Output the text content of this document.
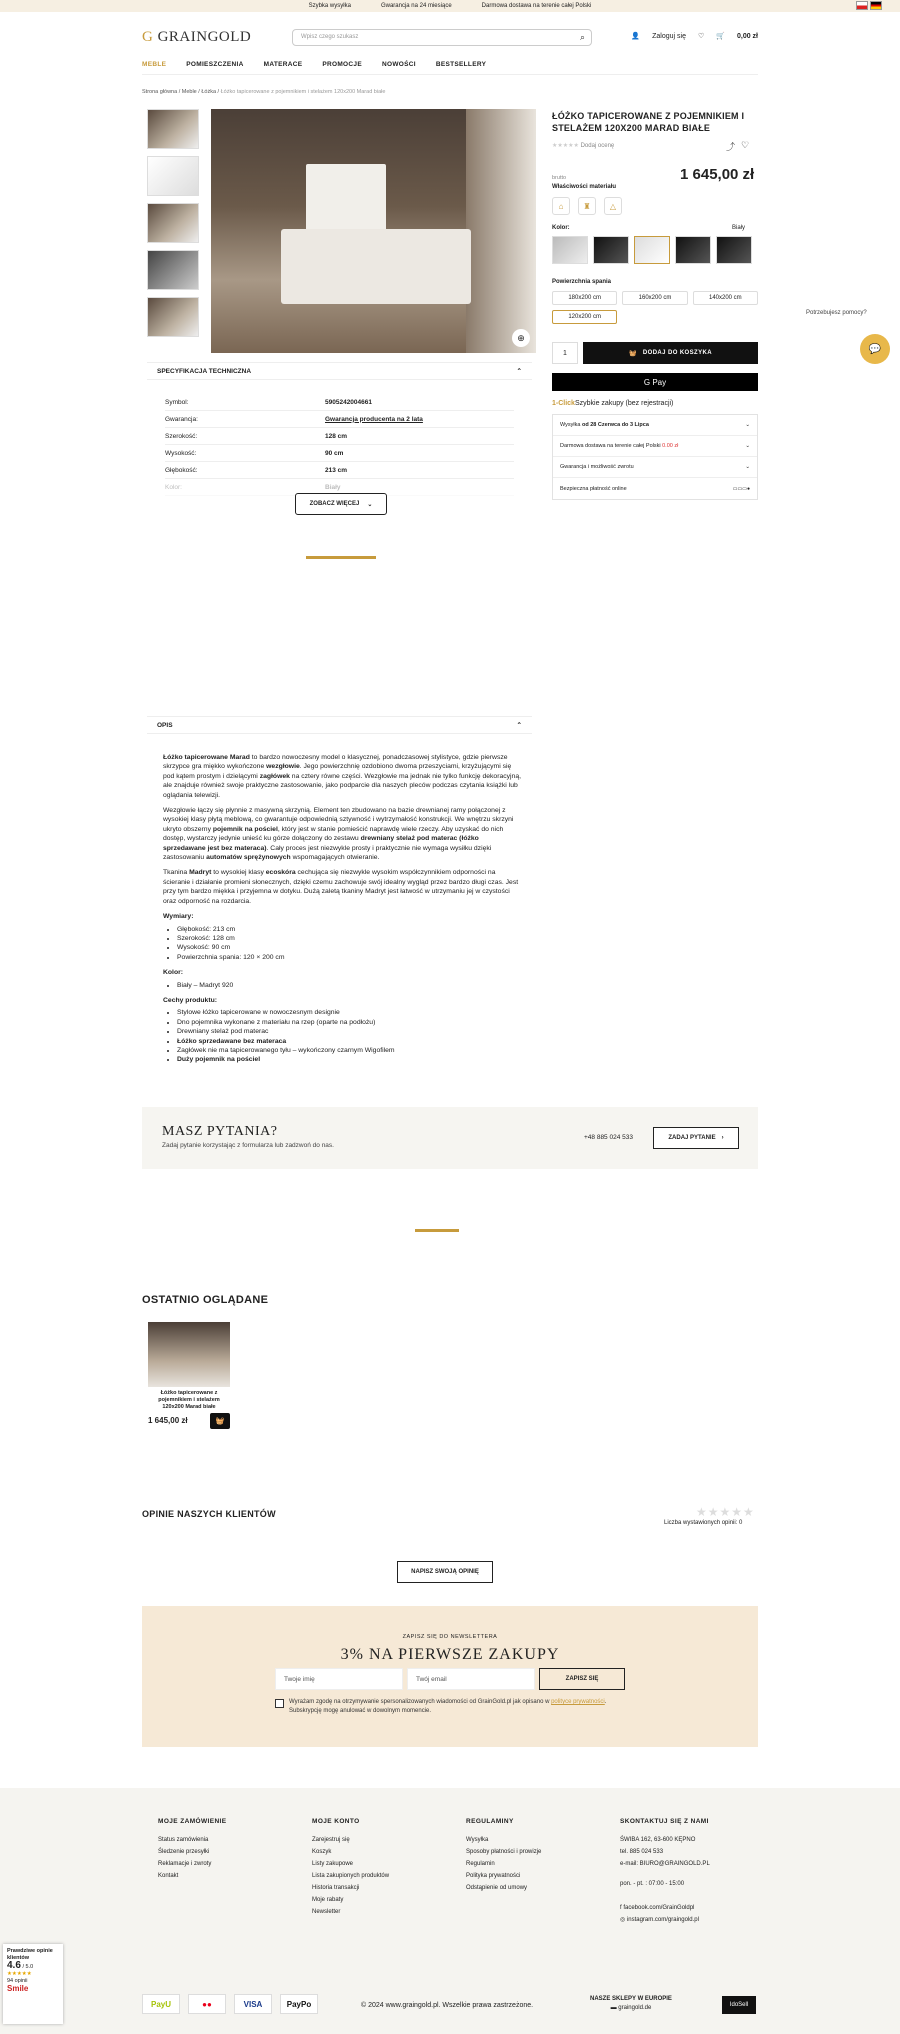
Szybka wysyłka	Gwarancja na 24 miesiące	Darmowa dostawa na terenie całej Polski
G GRAINGOLD	Wpisz czego szukasz	⌕	👤 Zaloguj się ♡ 🛒 0,00 zł
MEBLE	POMIESZCZENIA	MATERACE	PROMOCJE	NOWOŚCI	BESTSELLERY
Strona główna / Meble / Łóżka / Łóżko tapicerowane z pojemnikiem i stelażem 120x200 Marad białe
⊕
ŁÓŻKO TAPICEROWANE Z POJEMNIKIEM I STELAŻEM 120X200 MARAD BIAŁE
★★★★★ Dodaj ocenę	⤴ ♡
brutto	1 645,00 zł
Właściwości materiału
⌂	♜	△
Kolor:	Biały
Powierzchnia spania
180x200 cm	160x200 cm	140x200 cm
120x200 cm
1	🧺 DODAJ DO KOSZYKA
G Pay
1-ClickSzybkie zakupy (bez rejestracji)
Wysyłka od 28 Czerwca do 3 Lipca	⌄
Darmowa dostawa na terenie całej Polski 0.00 zł	⌄
Gwarancja i możliwość zwrotu	⌄
Bezpieczna płatność online	▭▭▭●
Potrzebujesz pomocy?
💬
SPECYFIKACJA TECHNICZNA	⌃
Symbol:	5905242004661
Gwarancja:	Gwarancja producenta na 2 lata
Szerokość:	128 cm
Wysokość:	90 cm
Głębokość:	213 cm
Kolor:	Biały
ZOBACZ WIĘCEJ ⌄
OPIS	⌃

Łóżko tapicerowane Marad to bardzo nowoczesny model o klasycznej, ponadczasowej stylistyce, gdzie pierwsze skrzypce gra miękko wykończone wezgłowie. Jego powierzchnię ozdobiono dwoma przeszyciami, krzyżującymi się pod kątem prostym i dzielącymi zagłówek na cztery równe części. Wezgłowie ma jednak nie tylko funkcję dekoracyjną, ale znajduje również swoje praktyczne zastosowanie, jako podparcie dla naszych pleców podczas czytania książki lub oglądania telewizji.

Wezgłowie łączy się płynnie z masywną skrzynią. Element ten zbudowano na bazie drewnianej ramy połączonej z wysokiej klasy płytą meblową, co gwarantuje odpowiednią sztywność i wytrzymałość konstrukcji. We wnętrzu skrzyni ukryto obszerny pojemnik na pościel, który jest w stanie pomieścić naprawdę wiele rzeczy. Aby uzyskać do nich dostęp, wystarczy jedynie unieść ku górze dołączony do zestawu drewniany stelaż pod materac (łóżko sprzedawane jest bez materaca). Cały proces jest niezwykle prosty i praktycznie nie wymaga wysiłku dzięki zastosowaniu automatów sprężynowych wspomagających otwieranie.

Tkanina Madryt to wysokiej klasy ecoskóra cechująca się niezwykle wysokim współczynnikiem odporności na ścieranie i działanie promieni słonecznych, dzięki czemu zachowuje swój idealny wygląd przez bardzo długi czas. Jest przy tym bardzo miękka i przyjemna w dotyku. Dużą zaletą tkaniny Madryt jest łatwość w utrzymaniu jej w czystości oraz odporność na rozdarcia.

Wymiary:
• Głębokość: 213 cm
• Szerokość: 128 cm
• Wysokość: 90 cm
• Powierzchnia spania: 120 × 200 cm
Kolor:
• Biały – Madryt 920
Cechy produktu:
• Stylowe łóżko tapicerowane w nowoczesnym designie
• Dno pojemnika wykonane z materiału na rzep (oparte na podłożu)
• Drewniany stelaż pod materac
• Łóżko sprzedawane bez materaca
• Zagłówek nie ma tapicerowanego tyłu – wykończony czarnym Wigofilem
• Duży pojemnik na pościel
MASZ PYTANIA?
Zadaj pytanie korzystając z formularza lub zadzwoń do nas.
+48 885 024 533	ZADAJ PYTANIE ›
OSTATNIO OGLĄDANE
Łóżko tapicerowane z pojemnikiem i stelażem 120x200 Marad białe
1 645,00 zł	🧺
OPINIE NASZYCH KLIENTÓW	★★★★★
Liczba wystawionych opinii: 0
NAPISZ SWOJĄ OPINIĘ
ZAPISZ SIĘ DO NEWSLETTERA
3% NA PIERWSZE ZAKUPY
Twoje imię	Twój email	ZAPISZ SIĘ
Wyrażam zgodę na otrzymywanie spersonalizowanych wiadomości od GrainGold.pl jak opisano w polityce prywatności. Subskrypcję mogę anulować w dowolnym momencie.
MOJE ZAMÓWIENIE
Status zamówienia
Śledzenie przesyłki
Reklamacje i zwroty
Kontakt
MOJE KONTO
Zarejestruj się
Koszyk
Listy zakupowe
Lista zakupionych produktów
Historia transakcji
Moje rabaty
Newsletter
REGULAMINY
Wysyłka
Sposoby płatności i prowizje
Regulamin
Polityka prywatności
Odstąpienie od umowy
SKONTAKTUJ SIĘ Z NAMI
ŚWIBA 162, 63-600 KĘPNO
tel. 885 024 533
e-mail: BIURO@GRAINGOLD.PL
pon. - pt. : 07:00 - 15:00
f facebook.com/GrainGoldpl
◎ instagram.com/graingold.pl
PayU	●●	VISA	PayPo	© 2024 www.graingold.pl. Wszelkie prawa zastrzeżone.
NASZE SKLEPY W EUROPIE
▬ graingold.de	IdoSell
Prawdziwe opinie klientów
4.6 / 5.0
★★★★★
94 opinii
Smile
